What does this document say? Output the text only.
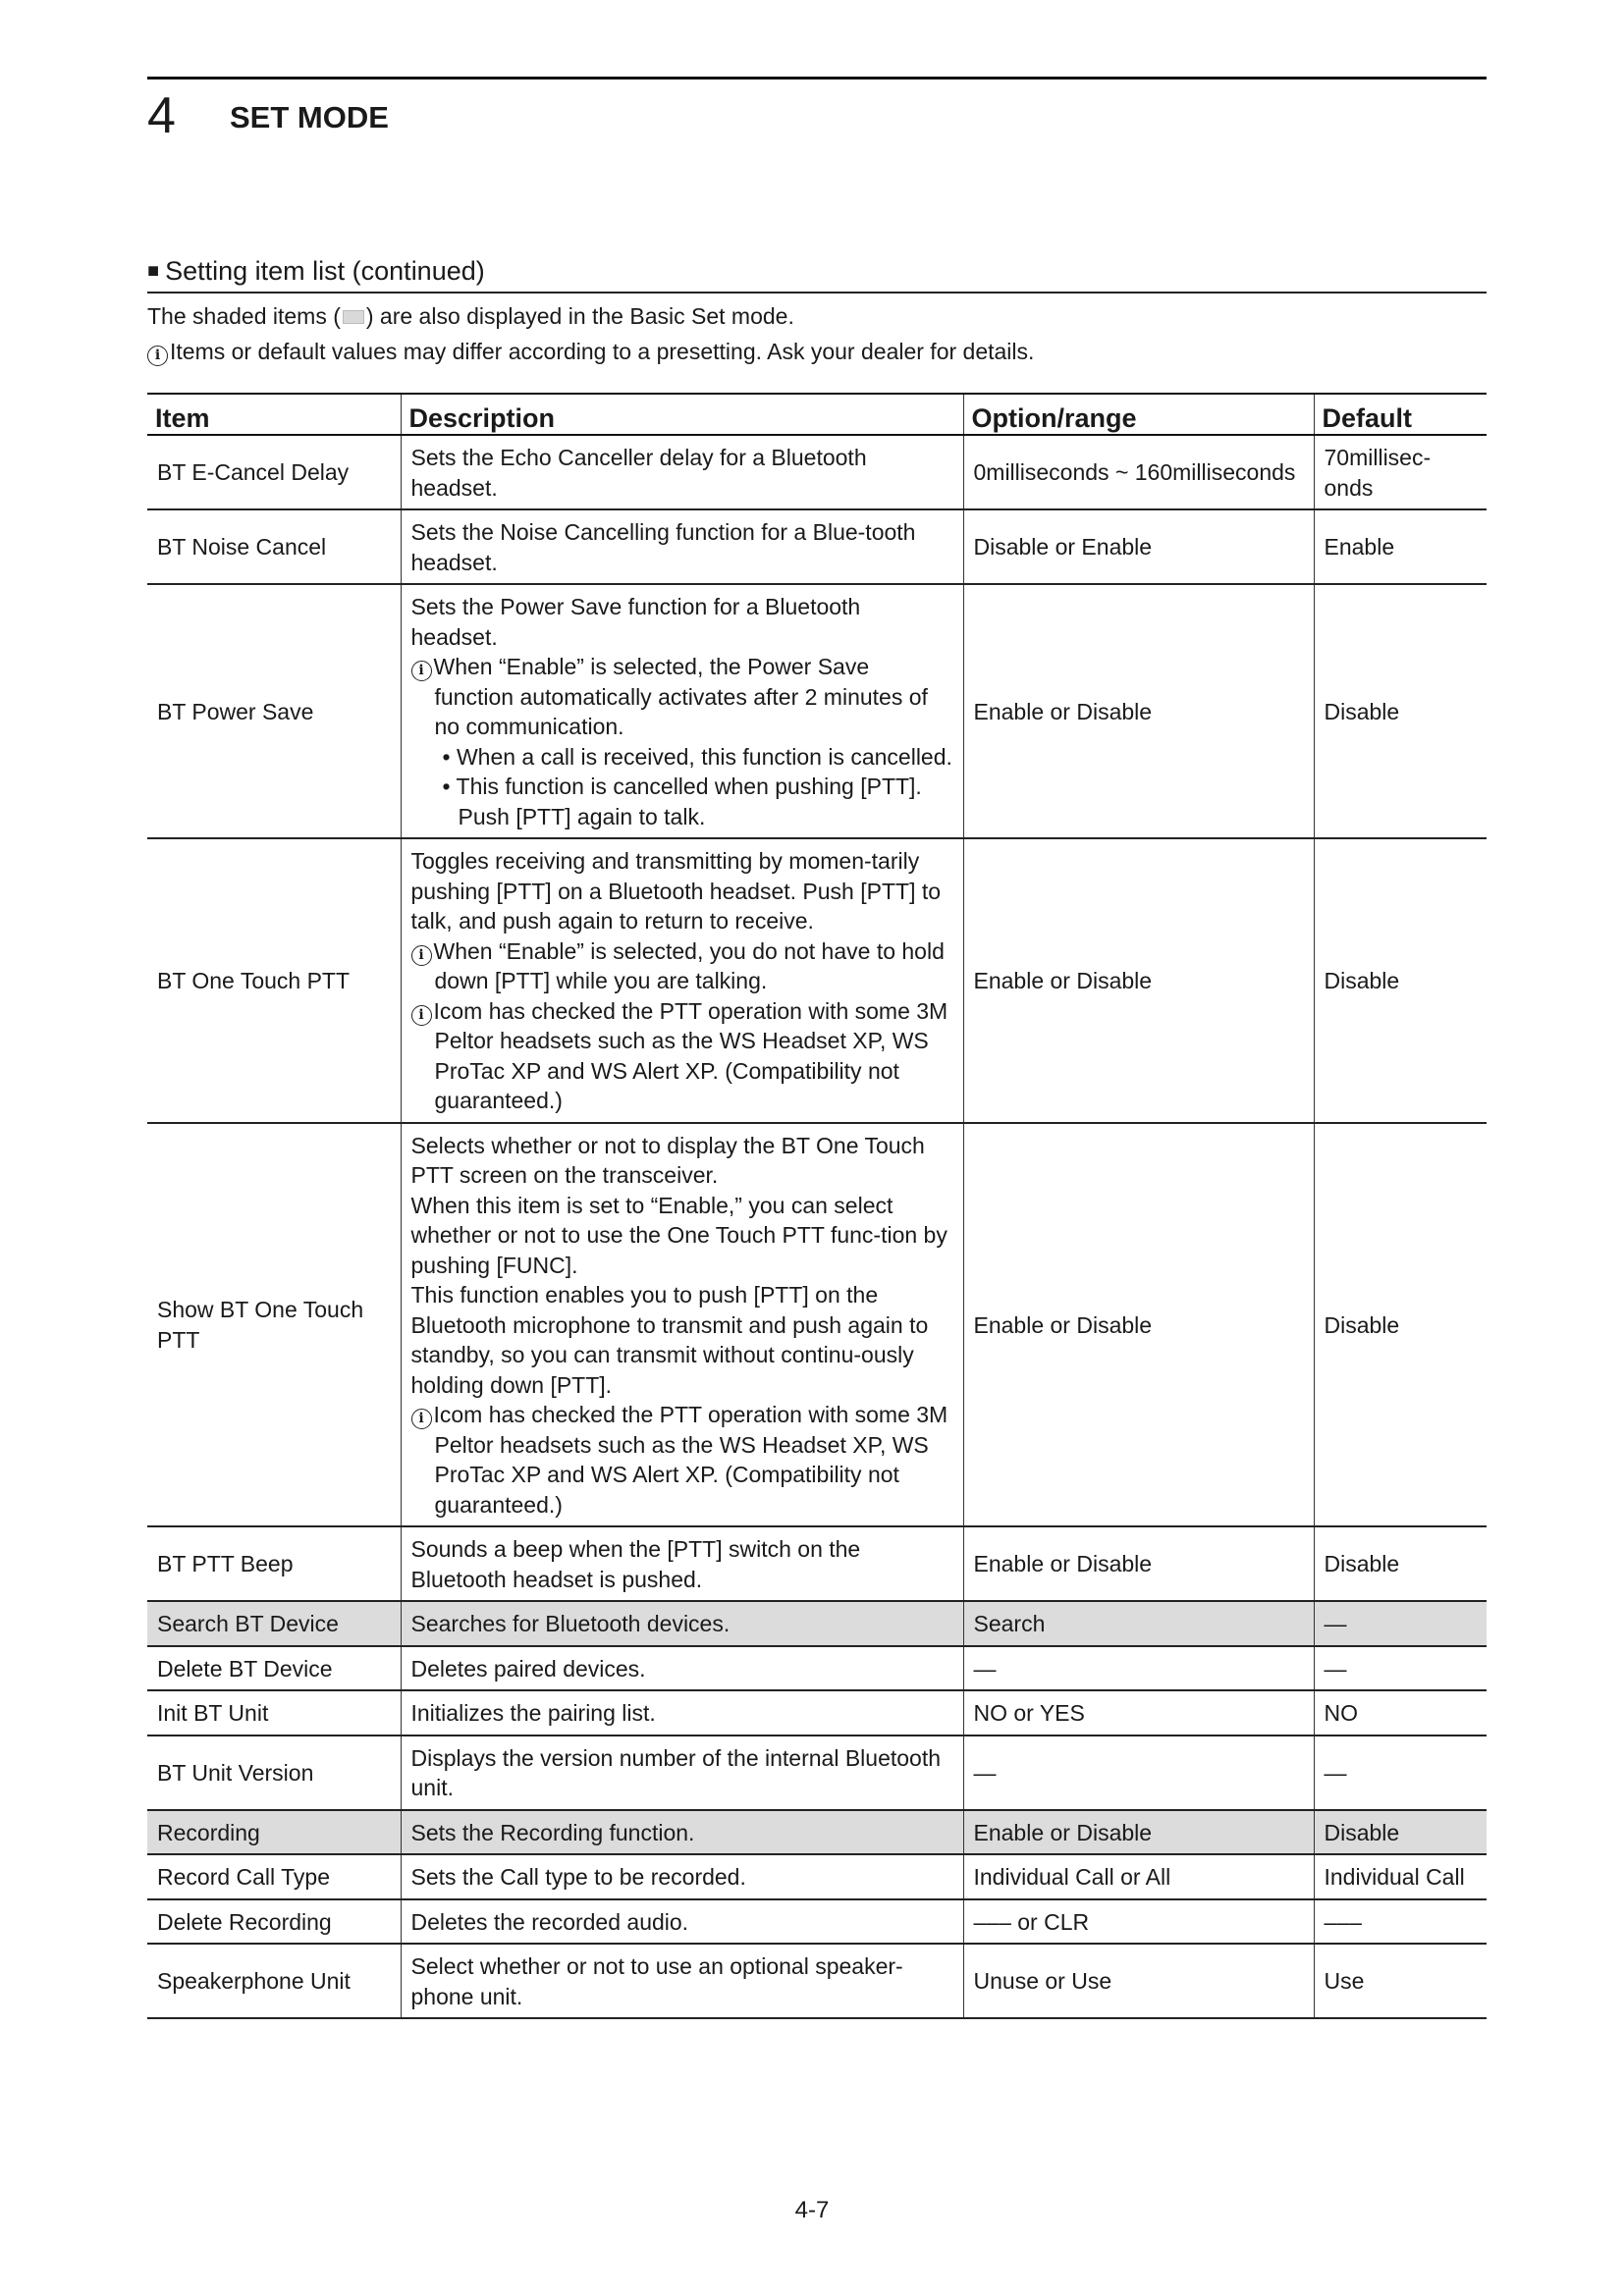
4 SET MODE
■ Setting item list (continued)
The shaded items ( ) are also displayed in the Basic Set mode.
i Items or default values may differ according to a presetting. Ask your dealer for details.
Item	Description	Option/range	Default
BT E-Cancel Delay	Sets the Echo Canceller delay for a Bluetooth headset.	0milliseconds ~ 160milliseconds	70millisec-onds
BT Noise Cancel	Sets the Noise Cancelling function for a Blue-tooth headset.	Disable or Enable	Enable
BT Power Save	Sets the Power Save function for a Bluetooth headset.

i When “Enable” is selected, the Power Save function automatically activates after 2 minutes of no communication.

• When a call is received, this function is cancelled.

• This function is cancelled when pushing [PTT]. Push [PTT] again to talk.	Enable or Disable	Disable
BT One Touch PTT	Toggles receiving and transmitting by momen-tarily pushing [PTT] on a Bluetooth headset. Push [PTT] to talk, and push again to return to receive.

i When “Enable” is selected, you do not have to hold down [PTT] while you are talking.

i Icom has checked the PTT operation with some 3M Peltor headsets such as the WS Headset XP, WS ProTac XP and WS Alert XP. (Compatibility not guaranteed.)	Enable or Disable	Disable
Show BT One Touch PTT	Selects whether or not to display the BT One Touch PTT screen on the transceiver.

When this item is set to “Enable,” you can select whether or not to use the One Touch PTT func-tion by pushing [FUNC].

This function enables you to push [PTT] on the Bluetooth microphone to transmit and push again to standby, so you can transmit without continu-ously holding down [PTT].

i Icom has checked the PTT operation with some 3M Peltor headsets such as the WS Headset XP, WS ProTac XP and WS Alert XP. (Compatibility not guaranteed.)	Enable or Disable	Disable
BT PTT Beep	Sounds a beep when the [PTT] switch on the Bluetooth headset is pushed.	Enable or Disable	Disable
Search BT Device	Searches for Bluetooth devices.	Search	—
Delete BT Device	Deletes paired devices.	—	—
Init BT Unit	Initializes the pairing list.	NO or YES	NO
BT Unit Version	Displays the version number of the internal Bluetooth unit.	—	—
Recording	Sets the Recording function.	Enable or Disable	Disable
Record Call Type	Sets the Call type to be recorded.	Individual Call or All	Individual Call
Delete Recording	Deletes the recorded audio.	––– or CLR	–––
Speakerphone Unit	Select whether or not to use an optional speaker-phone unit.	Unuse or Use	Use
4-7
